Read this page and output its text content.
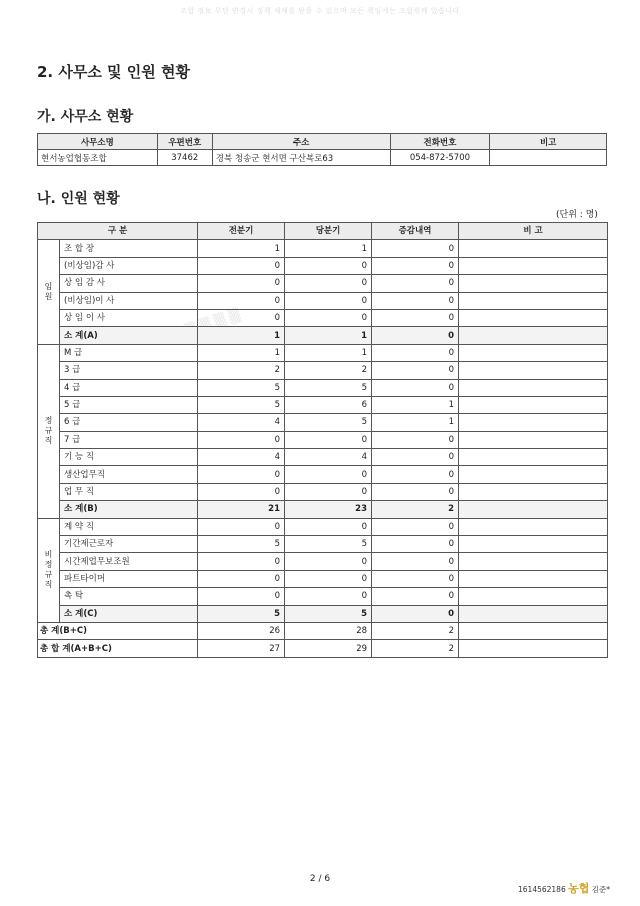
조합 정보 무단 변경시 정책 제재를 받을 수 있으며 모든 책임에는 조합원께 있습니다
2. 사무소 및 인원 현황
가. 사무소 현황
사무소명	우편번호	주소	전화번호	비고
현서농업협동조합	37462	경북 청송군 현서면 구산복로63	054-872-5700	
나. 인원 현황
(단위 : 명)
▒ ▒
구 분		전분기	당분기	증감내역	비 고
임원	조 합 장	1	1	0	
	(비상임)감 사	0	0	0	
	상 임 감 사	0	0	0	
	(비상임)이 사	0	0	0	
	상 임 이 사	0	0	0	
	소 계(A)	1	1	0	
정규직	M 급	1	1	0	
	3 급	2	2	0	
	4 급	5	5	0	
	5 급	5	6	1	
	6 급	4	5	1	
	7 급	0	0	0	
	기 능 직	4	4	0	
	생산업무직	0	0	0	
	업 무 직	0	0	0	
	소 계(B)	21	23	2	
비정규직	계 약 직	0	0	0	
	기간제근로자	5	5	0	
	시간제업무보조원	0	0	0	
	파트타이머	0	0	0	
	촉 탁	0	0	0	
	소 계(C)	5	5	0	
총 계(B+C)		26	28	2	
총 합 계(A+B+C)		27	29	2	
2 / 6
1614562186 농협 김준*
